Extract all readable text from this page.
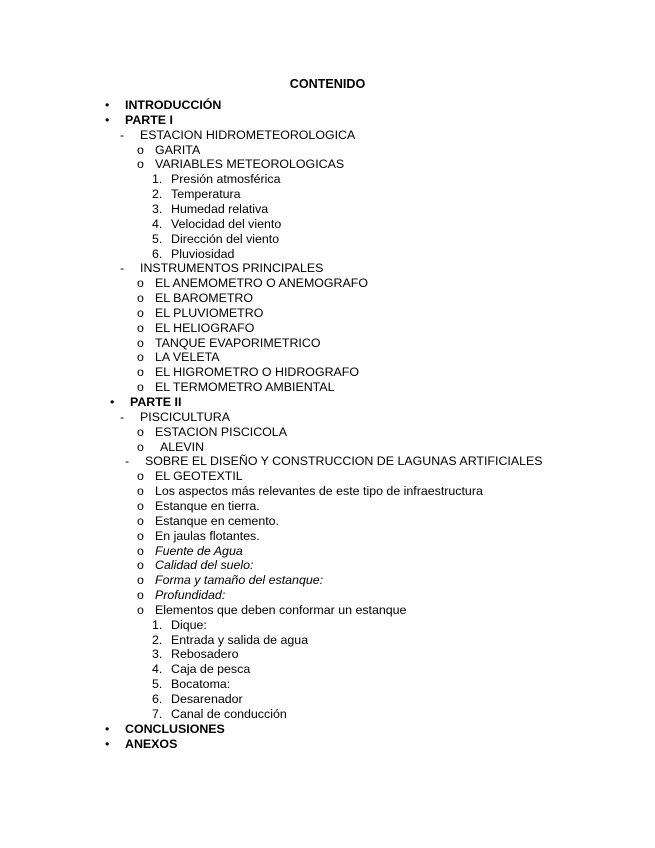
CONTENIDO
• INTRODUCCIÓN
• PARTE I
- ESTACION HIDROMETEOROLOGICA
o GARITA
o VARIABLES METEOROLOGICAS
1. Presión atmosférica
2. Temperatura
3. Humedad relativa
4. Velocidad del viento
5. Dirección del viento
6. Pluviosidad
- INSTRUMENTOS PRINCIPALES
o EL ANEMOMETRO O ANEMOGRAFO
o EL BAROMETRO
o EL PLUVIOMETRO
o EL HELIOGRAFO
o TANQUE EVAPORIMETRICO
o LA VELETA
o EL HIGROMETRO O HIDROGRAFO
o EL TERMOMETRO AMBIENTAL
• PARTE II
- PISCICULTURA
o ESTACION PISCICOLA
o ALEVIN
- SOBRE EL DISEÑO Y CONSTRUCCION DE LAGUNAS ARTIFICIALES
o EL GEOTEXTIL
o Los aspectos más relevantes de este tipo de infraestructura
o Estanque en tierra.
o Estanque en cemento.
o En jaulas flotantes.
o Fuente de Agua
o Calidad del suelo:
o Forma y tamaño del estanque:
o Profundidad:
o Elementos que deben conformar un estanque
1. Dique:
2. Entrada y salida de agua
3. Rebosadero
4. Caja de pesca
5. Bocatoma:
6. Desarenador
7. Canal de conducción
• CONCLUSIONES
• ANEXOS
